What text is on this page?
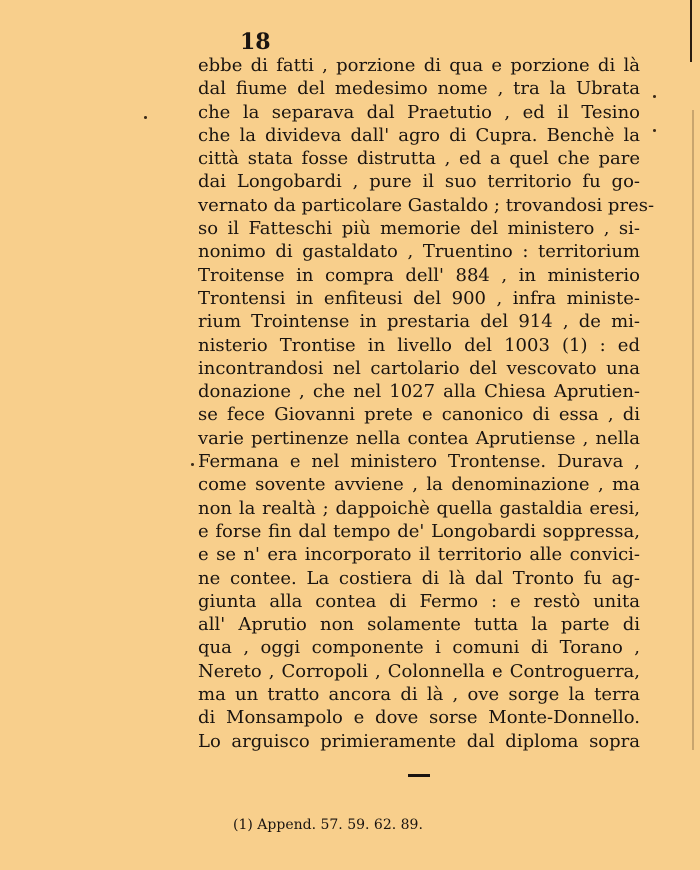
18
ebbe di fatti , porzione di qua e porzione di là
dal fiume del medesimo nome , tra la Ubrata
che la separava dal Praetutio , ed il Tesino
che la divideva dall' agro di Cupra. Benchè la
città stata fosse distrutta , ed a quel che pare
dai Longobardi , pure il suo territorio fu go-
vernato da particolare Gastaldo ; trovandosi pres-
so il Fatteschi più memorie del ministero , si-
nonimo di gastaldato , Truentino : territorium
Troitense in compra dell' 884 , in ministerio
Trontensi in enfiteusi del 900 , infra ministe-
rium Trointense in prestaria del 914 , de mi-
nisterio Trontise in livello del 1003 (1) : ed
incontrandosi nel cartolario del vescovato una
donazione , che nel 1027 alla Chiesa Aprutien-
se fece Giovanni prete e canonico di essa , di
varie pertinenze nella contea Aprutiense , nella
Fermana e nel ministero Trontense. Durava ,
come sovente avviene , la denominazione , ma
non la realtà ; dappoichè quella gastaldia eresi,
e forse fin dal tempo de' Longobardi soppressa,
e se n' era incorporato il territorio alle convici-
ne contee. La costiera di là dal Tronto fu ag-
giunta alla contea di Fermo : e restò unita
all' Aprutio non solamente tutta la parte di
qua , oggi componente i comuni di Torano ,
Nereto , Corropoli , Colonnella e Controguerra,
ma un tratto ancora di là , ove sorge la terra
di Monsampolo e dove sorse Monte-Donnello.
Lo arguisco primieramente dal diploma sopra
(1) Append. 57. 59. 62. 89.
